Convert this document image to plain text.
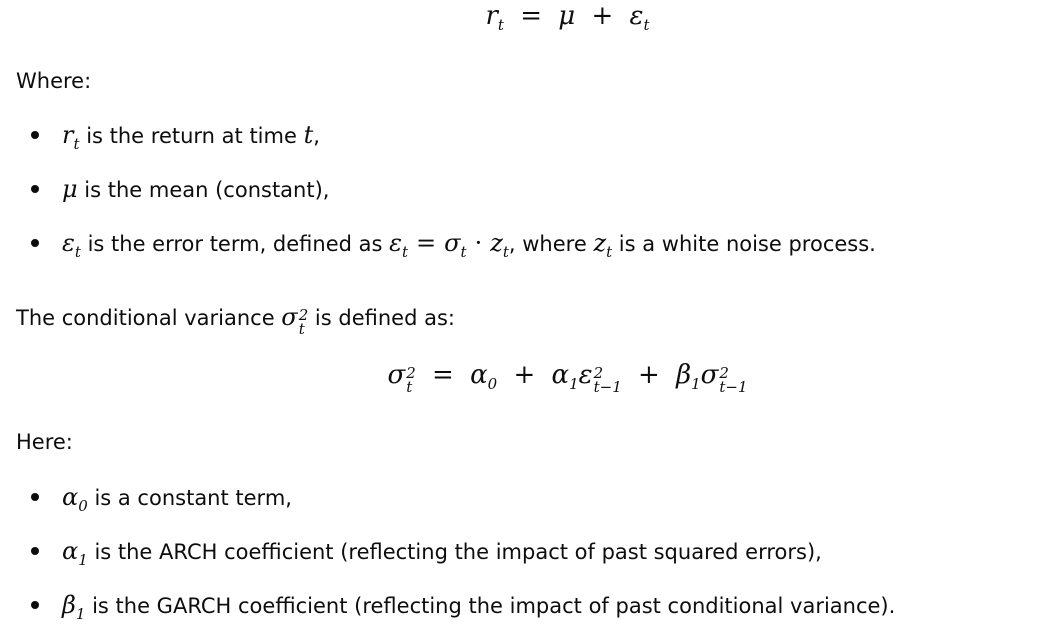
$r_t = \mu + \varepsilon_t$

Where:

$r_t$ is the return at time t,
μ is the mean (constant),
$\varepsilon_t$ is the error term, defined as $\varepsilon_t = \sigma_t \cdot z_t$, where $z_t$ is a white noise process.

The conditional variance σ 2
t is defined as:

σ 2
$t = \alpha_0 + \alpha_1\varepsilon$ 2
$t-1 + \beta_1\sigma$ 2
t−1

Here:

$\alpha_0$ is a constant term,
$\alpha_1$ is the ARCH coefficient (reflecting the impact of past squared errors),
$\beta_1$ is the GARCH coefficient (reflecting the impact of past conditional variance).
